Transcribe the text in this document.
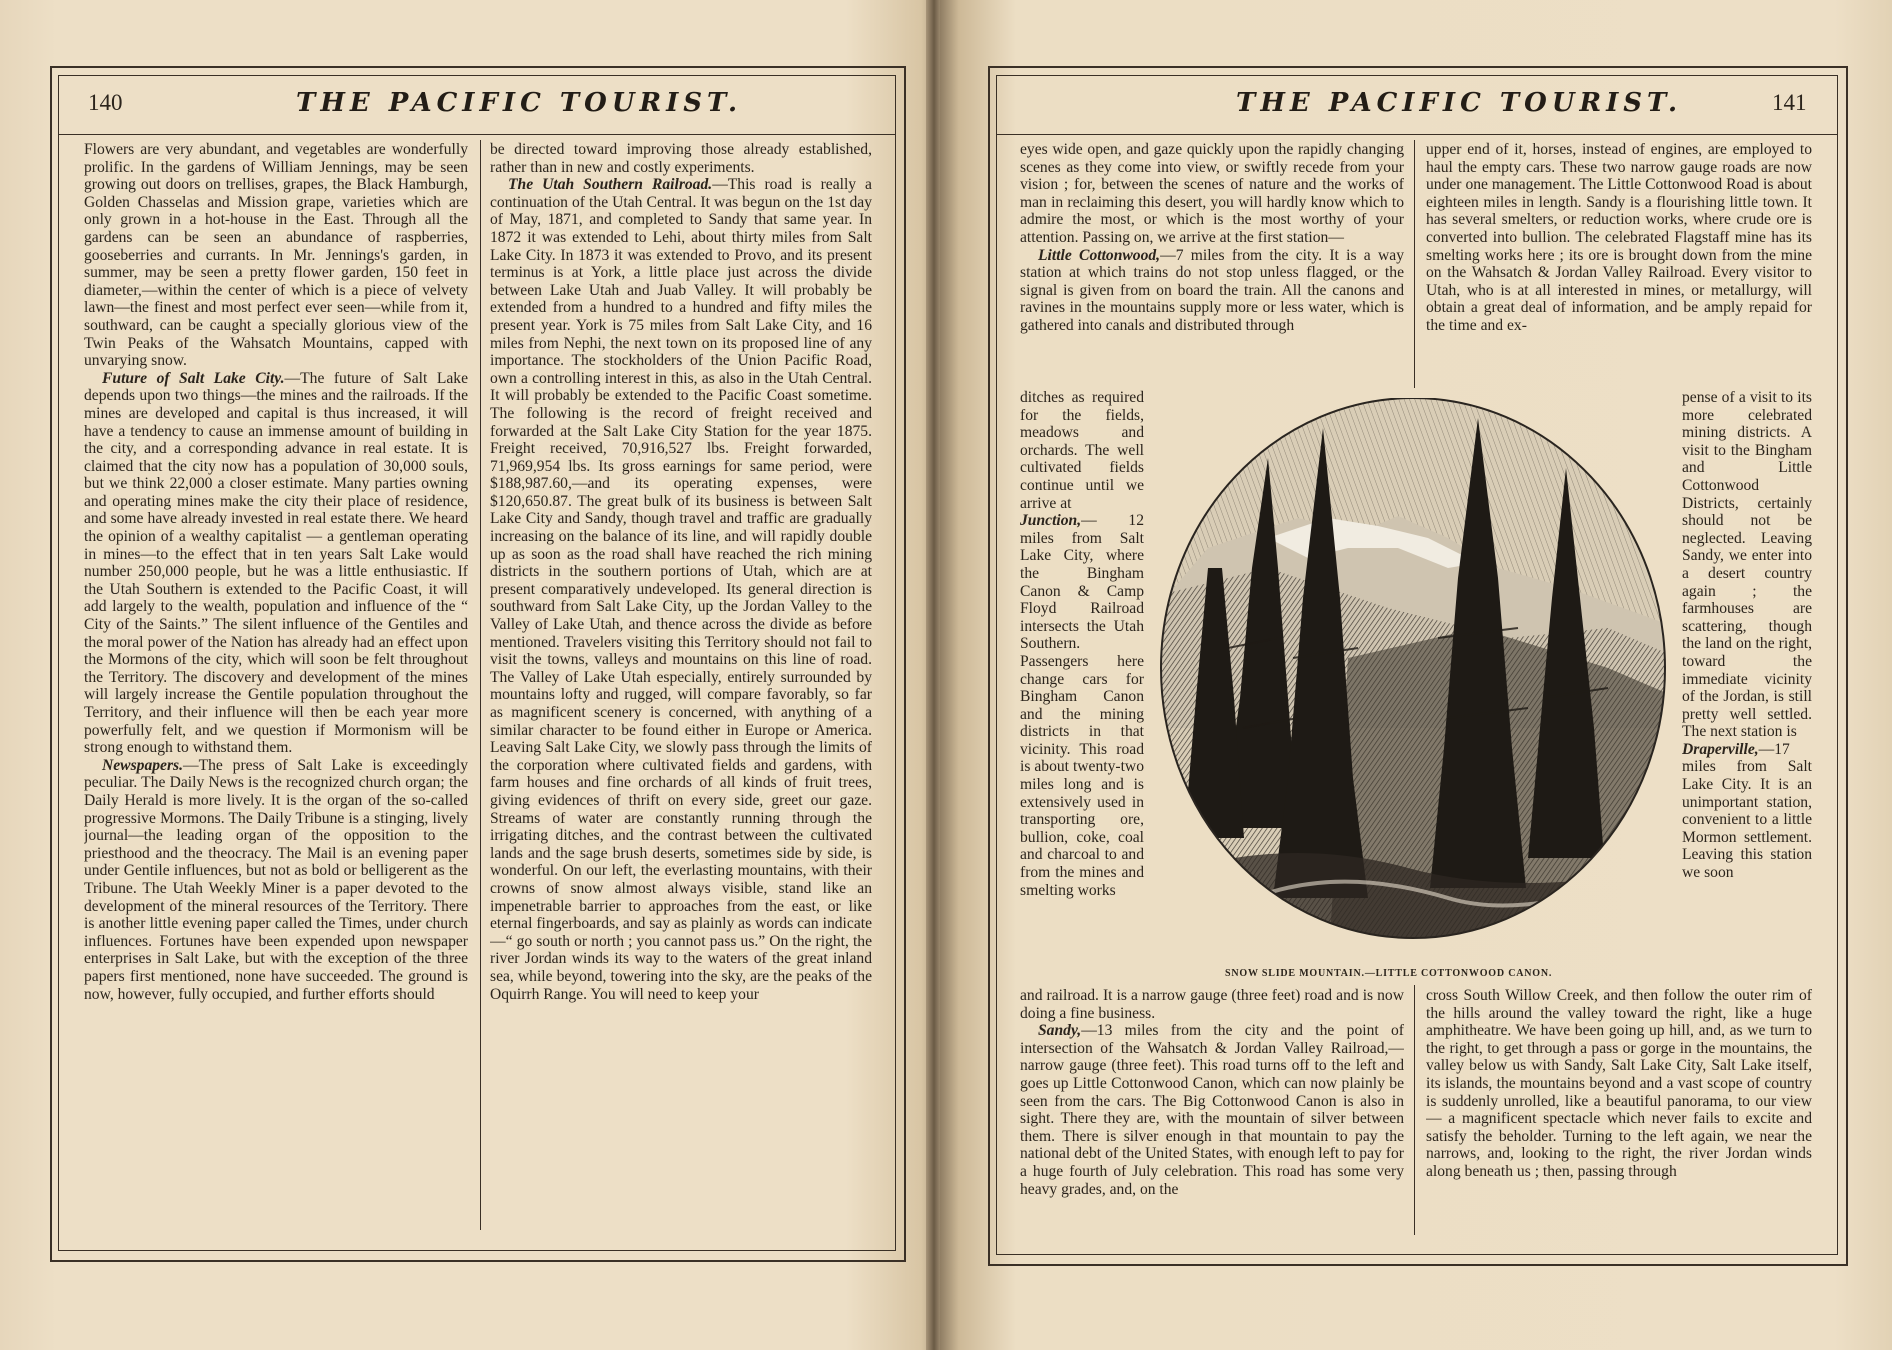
140	THE PACIFIC TOURIST.

Flowers are very abundant, and vegetables are wonderfully prolific. In the gardens of William Jennings, may be seen growing out doors on trellises, grapes, the Black Hamburgh, Golden Chasselas and Mission grape, varieties which are only grown in a hot-house in the East. Through all the gardens can be seen an abundance of raspberries, gooseberries and currants. In Mr. Jennings's garden, in summer, may be seen a pretty flower garden, 150 feet in diameter,—within the center of which is a piece of velvety lawn—the finest and most perfect ever seen—while from it, southward, can be caught a specially glorious view of the Twin Peaks of the Wahsatch Mountains, capped with unvarying snow.

Future of Salt Lake City.—The future of Salt Lake depends upon two things—the mines and the railroads. If the mines are developed and capital is thus increased, it will have a tendency to cause an immense amount of building in the city, and a corresponding advance in real estate. It is claimed that the city now has a population of 30,000 souls, but we think 22,000 a closer estimate. Many parties owning and operating mines make the city their place of residence, and some have already invested in real estate there. We heard the opinion of a wealthy capitalist — a gentleman operating in mines—to the effect that in ten years Salt Lake would number 250,000 people, but he was a little enthusiastic. If the Utah Southern is extended to the Pacific Coast, it will add largely to the wealth, population and influence of the “ City of the Saints.” The silent influence of the Gentiles and the moral power of the Nation has already had an effect upon the Mormons of the city, which will soon be felt throughout the Territory. The discovery and development of the mines will largely increase the Gentile population throughout the Territory, and their influence will then be each year more powerfully felt, and we question if Mormonism will be strong enough to withstand them.

Newspapers.—The press of Salt Lake is exceedingly peculiar. The Daily News is the recognized church organ; the Daily Herald is more lively. It is the organ of the so-called progressive Mormons. The Daily Tribune is a stinging, lively journal—the leading organ of the opposition to the priesthood and the theocracy. The Mail is an evening paper under Gentile influences, but not as bold or belligerent as the Tribune. The Utah Weekly Miner is a paper devoted to the development of the mineral resources of the Territory. There is another little evening paper called the Times, under church influences. Fortunes have been expended upon newspaper enterprises in Salt Lake, but with the exception of the three papers first mentioned, none have succeeded. The ground is now, however, fully occupied, and further efforts should

be directed toward improving those already established, rather than in new and costly experiments.

The Utah Southern Railroad.—This road is really a continuation of the Utah Central. It was begun on the 1st day of May, 1871, and completed to Sandy that same year. In 1872 it was extended to Lehi, about thirty miles from Salt Lake City. In 1873 it was extended to Provo, and its present terminus is at York, a little place just across the divide between Lake Utah and Juab Valley. It will probably be extended from a hundred to a hundred and fifty miles the present year. York is 75 miles from Salt Lake City, and 16 miles from Nephi, the next town on its proposed line of any importance. The stockholders of the Union Pacific Road, own a controlling interest in this, as also in the Utah Central. It will probably be extended to the Pacific Coast sometime. The following is the record of freight received and forwarded at the Salt Lake City Station for the year 1875. Freight received, 70,916,527 lbs. Freight forwarded, 71,969,954 lbs. Its gross earnings for same period, were $188,987.60,—and its operating expenses, were $120,650.87. The great bulk of its business is between Salt Lake City and Sandy, though travel and traffic are gradually increasing on the balance of its line, and will rapidly double up as soon as the road shall have reached the rich mining districts in the southern portions of Utah, which are at present comparatively undeveloped. Its general direction is southward from Salt Lake City, up the Jordan Valley to the Valley of Lake Utah, and thence across the divide as before mentioned. Travelers visiting this Territory should not fail to visit the towns, valleys and mountains on this line of road. The Valley of Lake Utah especially, entirely surrounded by mountains lofty and rugged, will compare favorably, so far as magnificent scenery is concerned, with anything of a similar character to be found either in Europe or America. Leaving Salt Lake City, we slowly pass through the limits of the corporation where cultivated fields and gardens, with farm houses and fine orchards of all kinds of fruit trees, giving evidences of thrift on every side, greet our gaze. Streams of water are constantly running through the irrigating ditches, and the contrast between the cultivated lands and the sage brush deserts, sometimes side by side, is wonderful. On our left, the everlasting mountains, with their crowns of snow almost always visible, stand like an impenetrable barrier to approaches from the east, or like eternal fingerboards, and say as plainly as words can indicate —“ go south or north ; you cannot pass us.” On the right, the river Jordan winds its way to the waters of the great inland sea, while beyond, towering into the sky, are the peaks of the Oquirrh Range. You will need to keep your

THE PACIFIC TOURIST.	141

eyes wide open, and gaze quickly upon the rapidly changing scenes as they come into view, or swiftly recede from your vision ; for, between the scenes of nature and the works of man in reclaiming this desert, you will hardly know which to admire the most, or which is the most worthy of your attention. Passing on, we arrive at the first station—

Little Cottonwood,—7 miles from the city. It is a way station at which trains do not stop unless flagged, or the signal is given from on board the train. All the canons and ravines in the mountains supply more or less water, which is gathered into canals and distributed through

upper end of it, horses, instead of engines, are employed to haul the empty cars. These two narrow gauge roads are now under one management. The Little Cottonwood Road is about eighteen miles in length. Sandy is a flourishing little town. It has several smelters, or reduction works, where crude ore is converted into bullion. The celebrated Flagstaff mine has its smelting works here ; its ore is brought down from the mine on the Wahsatch & Jordan Valley Railroad. Every visitor to Utah, who is at all interested in mines, or metallurgy, will obtain a great deal of information, and be amply repaid for the time and ex-

ditches as required for the fields, meadows and orchards. The well cultivated fields continue until we arrive at

Junction,— 12 miles from Salt Lake City, where the Bingham Canon & Camp Floyd Railroad intersects the Utah Southern. Passengers here change cars for Bingham Canon and the mining districts in that vicinity. This road is about twenty-two miles long and is extensively used in transporting ore, bullion, coke, coal and charcoal to and from the mines and smelting works

pense of a visit to its more celebrated mining districts. A visit to the Bingham and Little Cottonwood Districts, certainly should not be neglected. Leaving Sandy, we enter into a desert country again ; the farmhouses are scattering, though the land on the right, toward the immediate vicinity of the Jordan, is still pretty well settled. The next station is

Draperville,—17 miles from Salt Lake City. It is an unimportant station, convenient to a little Mormon settlement. Leaving this station we soon

SNOW SLIDE MOUNTAIN.—LITTLE COTTONWOOD CANON.

and railroad. It is a narrow gauge (three feet) road and is now doing a fine business.

Sandy,—13 miles from the city and the point of intersection of the Wahsatch & Jordan Valley Railroad,—narrow gauge (three feet). This road turns off to the left and goes up Little Cottonwood Canon, which can now plainly be seen from the cars. The Big Cottonwood Canon is also in sight. There they are, with the mountain of silver between them. There is silver enough in that mountain to pay the national debt of the United States, with enough left to pay for a huge fourth of July celebration. This road has some very heavy grades, and, on the

cross South Willow Creek, and then follow the outer rim of the hills around the valley toward the right, like a huge amphitheatre. We have been going up hill, and, as we turn to the right, to get through a pass or gorge in the mountains, the valley below us with Sandy, Salt Lake City, Salt Lake itself, its islands, the mountains beyond and a vast scope of country is suddenly unrolled, like a beautiful panorama, to our view — a magnificent spectacle which never fails to excite and satisfy the beholder. Turning to the left again, we near the narrows, and, looking to the right, the river Jordan winds along beneath us ; then, passing through
